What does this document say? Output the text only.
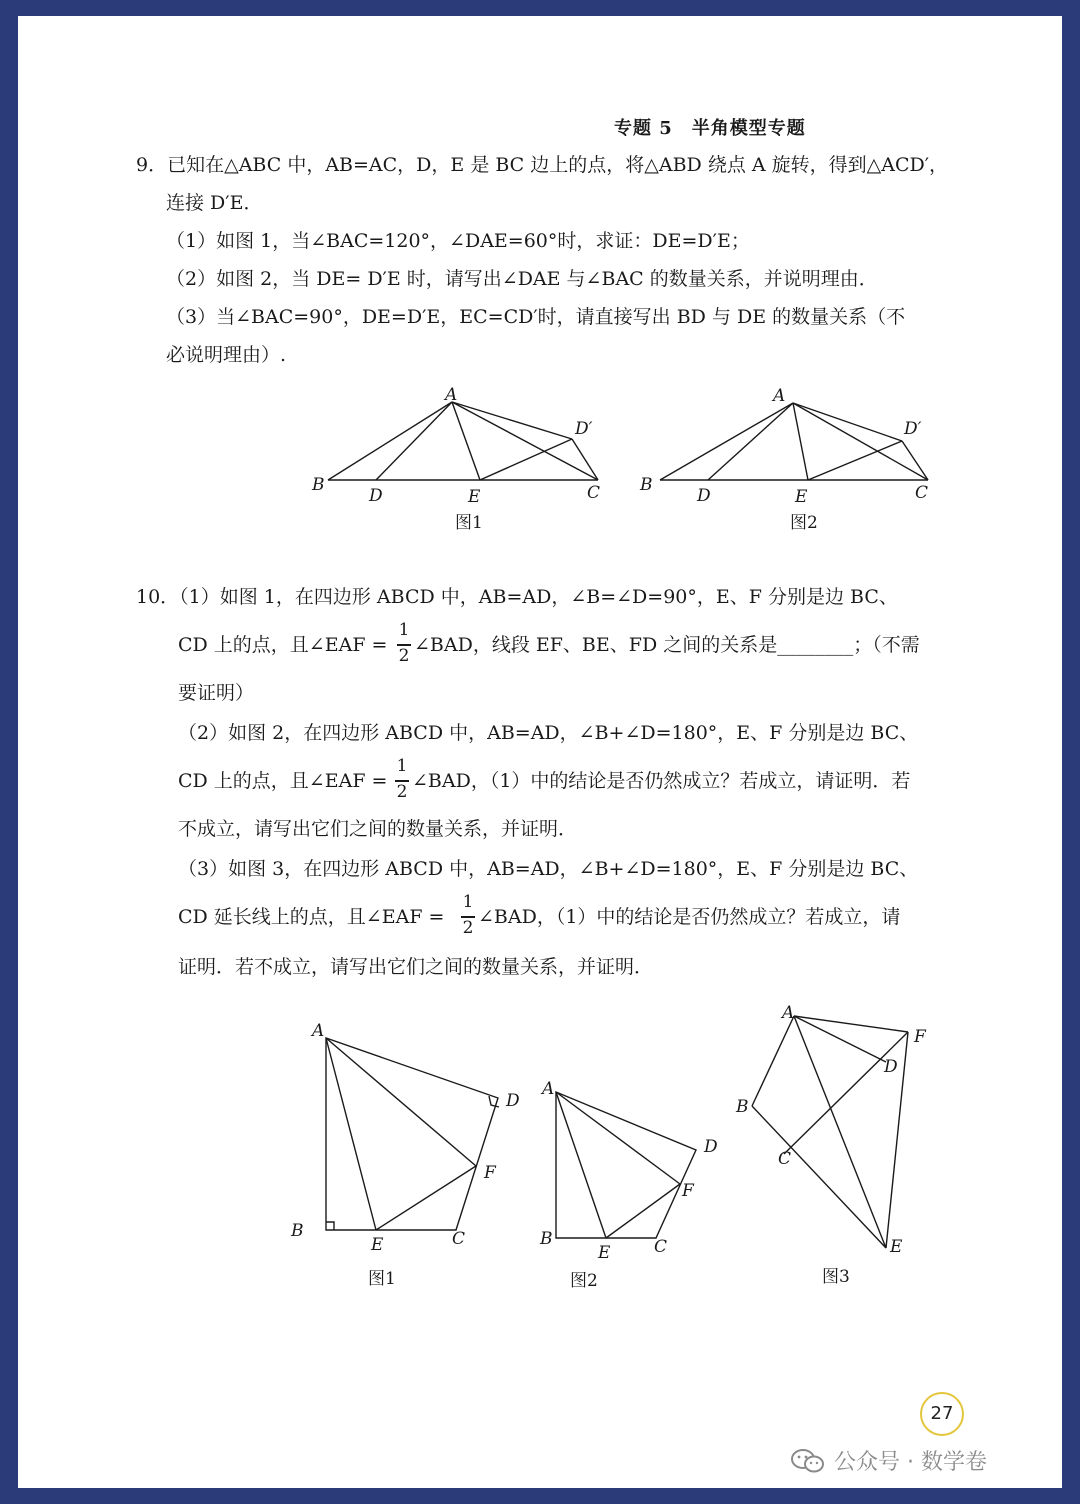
专题 5　半角模型专题
9．已知在△ABC 中，AB=AC，D，E 是 BC 边上的点，将△ABD 绕点 A 旋转，得到△ACD′，
连接 D′E．
（1）如图 1，当∠BAC=120°，∠DAE=60°时，求证：DE=D′E；
（2）如图 2，当 DE= D′E 时，请写出∠DAE 与∠BAC 的数量关系，并说明理由．
（3）当∠BAC=90°，DE=D′E，EC=CD′时，请直接写出 BD 与 DE 的数量关系（不
必说明理由）.
A
B
D	E	C
D′
图1
A
B
D	E	C
D′
图2
10．（1）如图 1，在四边形 ABCD 中，AB=AD，∠B=∠D=90°，E、F 分别是边 BC、
CD 上的点，且∠EAF =
1
2 ∠BAD，线段 EF、BE、FD 之间的关系是________；（不需
要证明）
（2）如图 2，在四边形 ABCD 中，AB=AD，∠B+∠D=180°，E、F 分别是边 BC、
CD 上的点，且∠EAF =
1
2 ∠BAD，（1）中的结论是否仍然成立？若成立，请证明．若
不成立，请写出它们之间的数量关系，并证明．
（3）如图 3，在四边形 ABCD 中，AB=AD，∠B+∠D=180°，E、F 分别是边 BC、
CD 延长线上的点，且∠EAF =
1
2 ∠BAD，（1）中的结论是否仍然成立？若成立，请
证明．若不成立，请写出它们之间的数量关系，并证明．
A
B
E	C
F
D
图1
A
B
E	C
F
D
图2
A
F
D
B
C
E
图3
27
公众号 · 数学卷
